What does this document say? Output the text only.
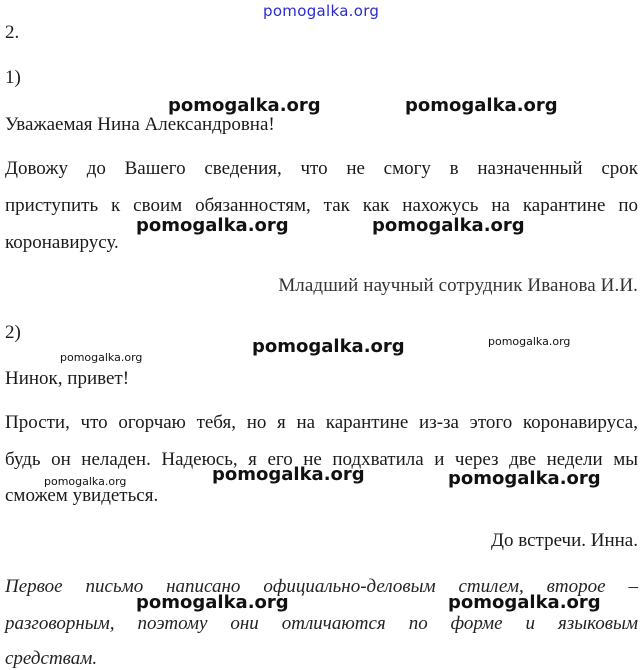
pomogalka.org
2.
1)
Уважаемая Нина Александровна!
Довожу до Вашего сведения, что не смогу в назначенный срок
приступить к своим обязанностям, так как нахожусь на карантине по
коронавирусу.
Младший научный сотрудник Иванова И.И.
2)
Нинок, привет!
Прости, что огорчаю тебя, но я на карантине из-за этого коронавируса,
будь он неладен. Надеюсь, я его не подхватила и через две недели мы
сможем увидеться.
До встречи. Инна.
Первое письмо написано официально-деловым стилем, второе –
разговорным, поэтому они отличаются по форме и языковым
средствам.
pomogalka.org	pomogalka.org
pomogalka.org	pomogalka.org
pomogalka.org
pomogalka.org
pomogalka.org
pomogalka.org	pomogalka.org
pomogalka.org
pomogalka.org	pomogalka.org
